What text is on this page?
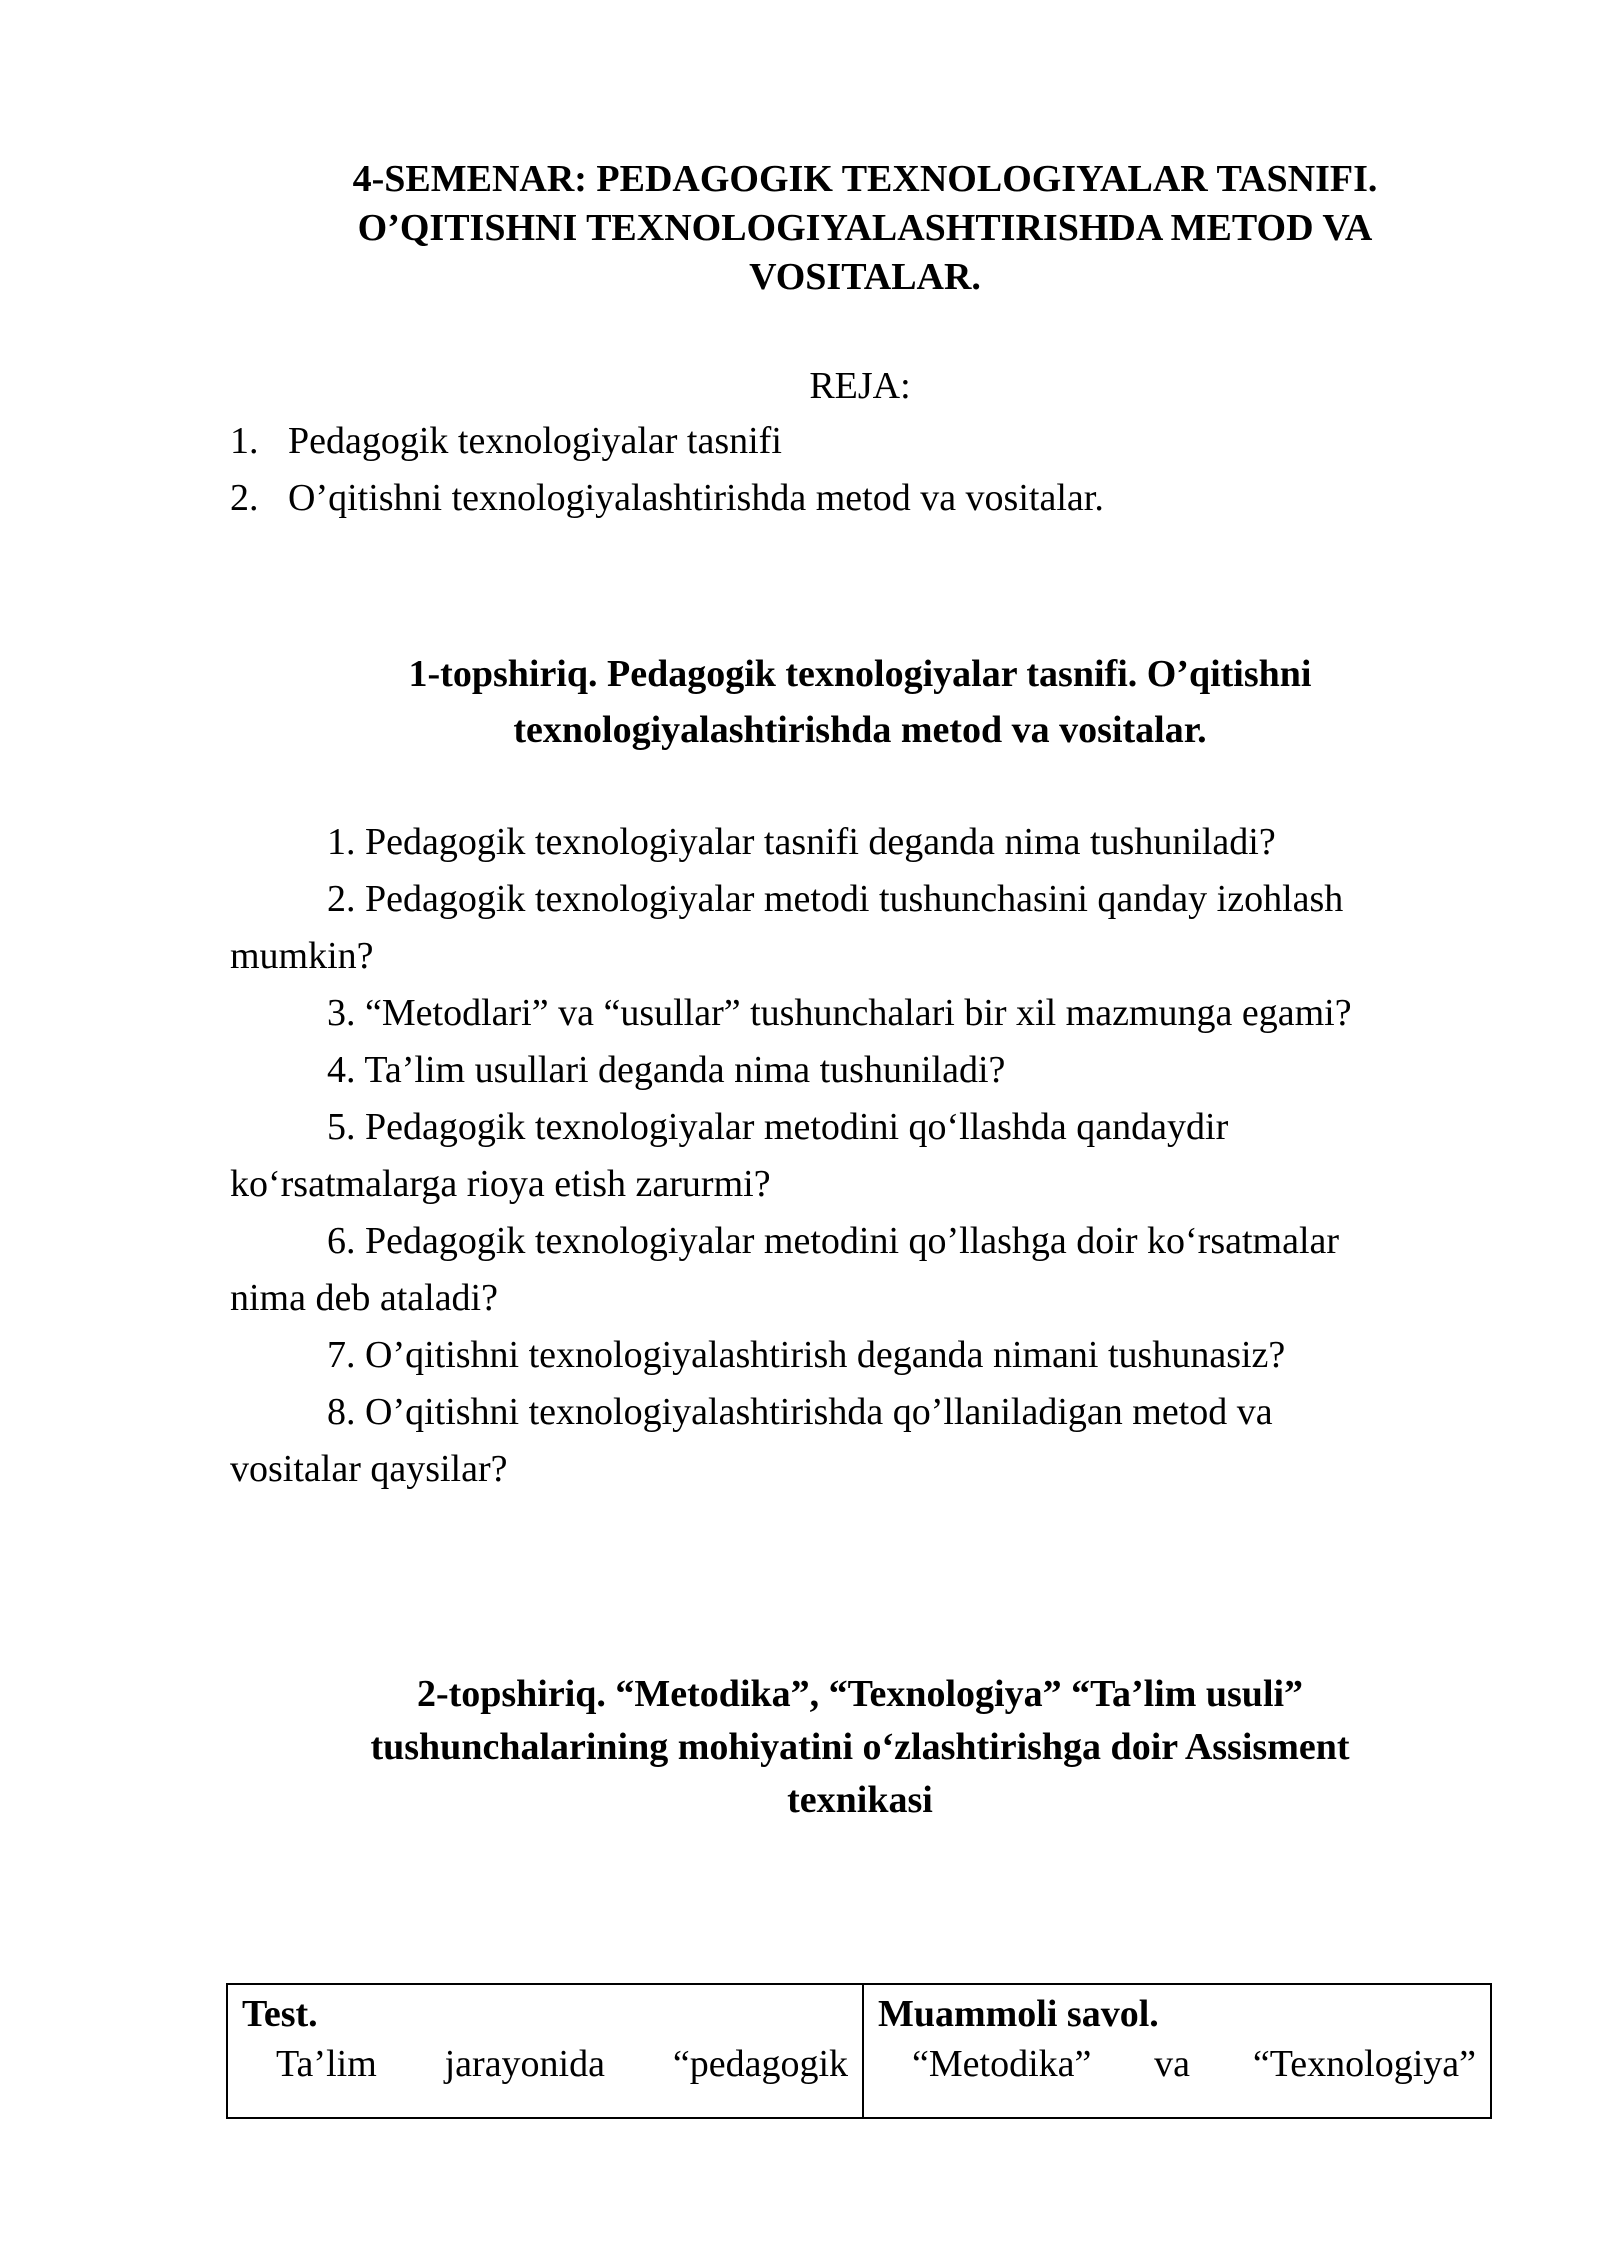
4-SEMENAR: PEDAGOGIK TEXNOLOGIYALAR TASNIFI.
O’QITISHNI TEXNOLOGIYALASHTIRISHDA METOD VA
VOSITALAR.
REJA:
1. Pedagogik texnologiyalar tasnifi
2. O’qitishni texnologiyalashtirishda metod va vositalar.
1-topshiriq. Pedagogik texnologiyalar tasnifi. O’qitishni
texnologiyalashtirishda metod va vositalar.
1. Pedagogik texnologiyalar tasnifi deganda nima tushuniladi?
2. Pedagogik texnologiyalar metodi tushunchasini qanday izohlash
mumkin?
3. “Metodlari” va “usullar” tushunchalari bir xil mazmunga egami?
4. Ta’lim usullari deganda nima tushuniladi?
5. Pedagogik texnologiyalar metodini qo‘llashda qandaydir
ko‘rsatmalarga rioya etish zarurmi?
6. Pedagogik texnologiyalar metodini qo’llashga doir ko‘rsatmalar
nima deb ataladi?
7. O’qitishni texnologiyalashtirish deganda nimani tushunasiz?
8. O’qitishni texnologiyalashtirishda qo’llaniladigan metod va
vositalar qaysilar?
2-topshiriq. “Metodika”, “Texnologiya” “Ta’lim usuli”
tushunchalarining mohiyatini o‘zlashtirishga doir Assisment
texnikasi
Test.
Ta’lim jarayonida “pedagogik
Muammoli savol.
“Metodika” va “Texnologiya”
